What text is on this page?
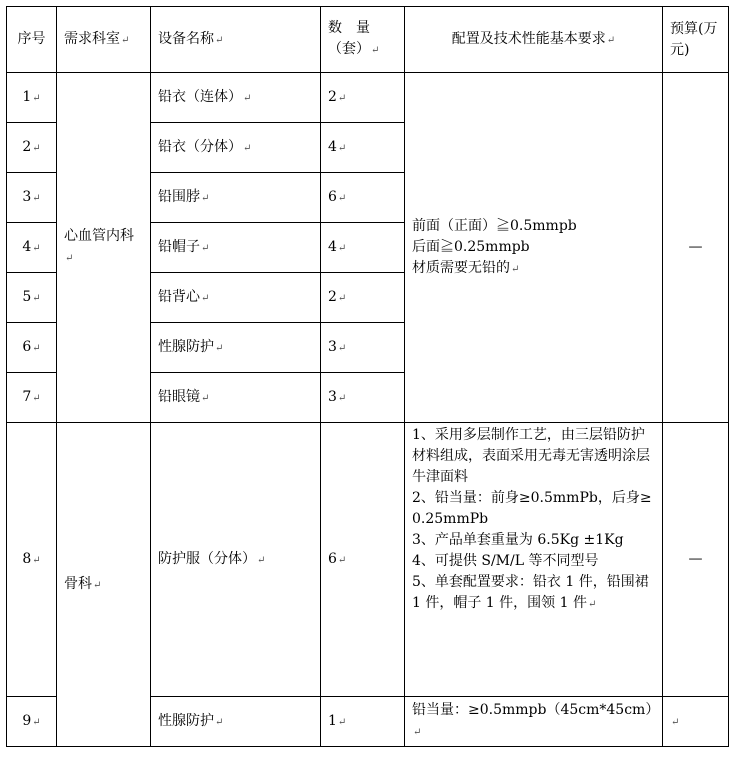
序号	需求科室↵	设备名称↵	数　量（套）↵	配置及技术性能基本要求↵	预算(万元)
1↵	心血管内科↵	铅衣（连体）↵	2↵	前面（正面）≧0.5mmpb
后面≧0.25mmpb
材质需要无铅的↵	—
2↵		铅衣（分体）↵	4↵		
3↵		铅围脖↵	6↵		
4↵		铅帽子↵	4↵		
5↵		铅背心↵	2↵		
6↵		性腺防护↵	3↵		
7↵		铅眼镜↵	3↵		
8↵	骨科↵	防护服（分体）↵	6↵	1、采用多层制作工艺，由三层铅防护材料组成，表面采用无毒无害透明涂层牛津面料
2、铅当量：前身≥0.5mmPb，后身≥0.25mmPb
3、产品单套重量为 6.5Kg ±1Kg
4、可提供 S/M/L 等不同型号
5、单套配置要求：铅衣 1 件，铅围裙 1 件，帽子 1 件，围领 1 件↵	—
9↵		性腺防护↵	1↵	铅当量：≥0.5mmpb（45cm*45cm）↵	↵
